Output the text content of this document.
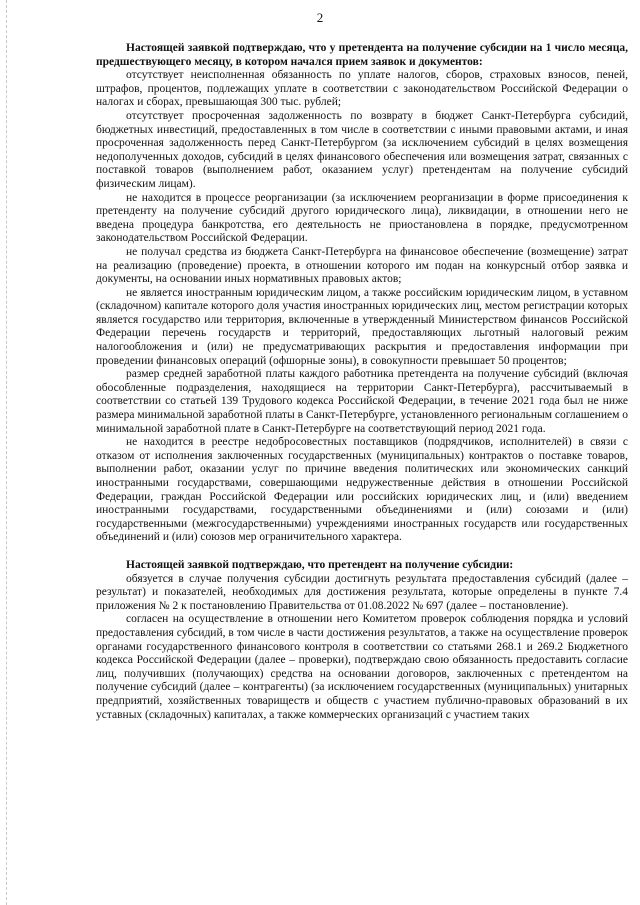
2

Настоящей заявкой подтверждаю, что у претендента на получение субсидии на 1 число месяца, предшествующего месяцу, в котором начался прием заявок и документов:

отсутствует неисполненная обязанность по уплате налогов, сборов, страховых взносов, пеней, штрафов, процентов, подлежащих уплате в соответствии с законодательством Российской Федерации о налогах и сборах, превышающая 300 тыс. рублей;

отсутствует просроченная задолженность по возврату в бюджет Санкт-Петербурга субсидий, бюджетных инвестиций, предоставленных в том числе в соответствии с иными правовыми актами, и иная просроченная задолженность перед Санкт-Петербургом (за исключением субсидий в целях возмещения недополученных доходов, субсидий в целях финансового обеспечения или возмещения затрат, связанных с поставкой товаров (выполнением работ, оказанием услуг) претендентам на получение субсидий физическим лицам).

не находится в процессе реорганизации (за исключением реорганизации в форме присоединения к претенденту на получение субсидий другого юридического лица), ликвидации, в отношении него не введена процедура банкротства, его деятельность не приостановлена в порядке, предусмотренном законодательством Российской Федерации.

не получал средства из бюджета Санкт-Петербурга на финансовое обеспечение (возмещение) затрат на реализацию (проведение) проекта, в отношении которого им подан на конкурсный отбор заявка и документы, на основании иных нормативных правовых актов;

не является иностранным юридическим лицом, а также российским юридическим лицом, в уставном (складочном) капитале которого доля участия иностранных юридических лиц, местом регистрации которых является государство или территория, включенные в утвержденный Министерством финансов Российской Федерации перечень государств и территорий, предоставляющих льготный налоговый режим налогообложения и (или) не предусматривающих раскрытия и предоставления информации при проведении финансовых операций (офшорные зоны), в совокупности превышает 50 процентов;

размер средней заработной платы каждого работника претендента на получение субсидий (включая обособленные подразделения, находящиеся на территории Санкт-Петербурга), рассчитываемый в соответствии со статьей 139 Трудового кодекса Российской Федерации, в течение 2021 года был не ниже размера минимальной заработной платы в Санкт-Петербурге, установленного региональным соглашением о минимальной заработной плате в Санкт-Петербурге на соответствующий период 2021 года.

не находится в реестре недобросовестных поставщиков (подрядчиков, исполнителей) в связи с отказом от исполнения заключенных государственных (муниципальных) контрактов о поставке товаров, выполнении работ, оказании услуг по причине введения политических или экономических санкций иностранными государствами, совершающими недружественные действия в отношении Российской Федерации, граждан Российской Федерации или российских юридических лиц, и (или) введением иностранными государствами, государственными объединениями и (или) союзами и (или) государственными (межгосударственными) учреждениями иностранных государств или государственных объединений и (или) союзов мер ограничительного характера.

Настоящей заявкой подтверждаю, что претендент на получение субсидии:

обязуется в случае получения субсидии достигнуть результата предоставления субсидий (далее – результат) и показателей, необходимых для достижения результата, которые определены в пункте 7.4 приложения № 2 к постановлению Правительства от 01.08.2022 № 697 (далее – постановление).

согласен на осуществление в отношении него Комитетом проверок соблюдения порядка и условий предоставления субсидий, в том числе в части достижения результатов, а также на осуществление проверок органами государственного финансового контроля в соответствии со статьями 268.1 и 269.2 Бюджетного кодекса Российской Федерации (далее – проверки), подтверждаю свою обязанность предоставить согласие лиц, получивших (получающих) средства на основании договоров, заключенных с претендентом на получение субсидий (далее – контрагенты) (за исключением государственных (муниципальных) унитарных предприятий, хозяйственных товариществ и обществ с участием публично-правовых образований в их уставных (складочных) капиталах, а также коммерческих организаций с участием таких
